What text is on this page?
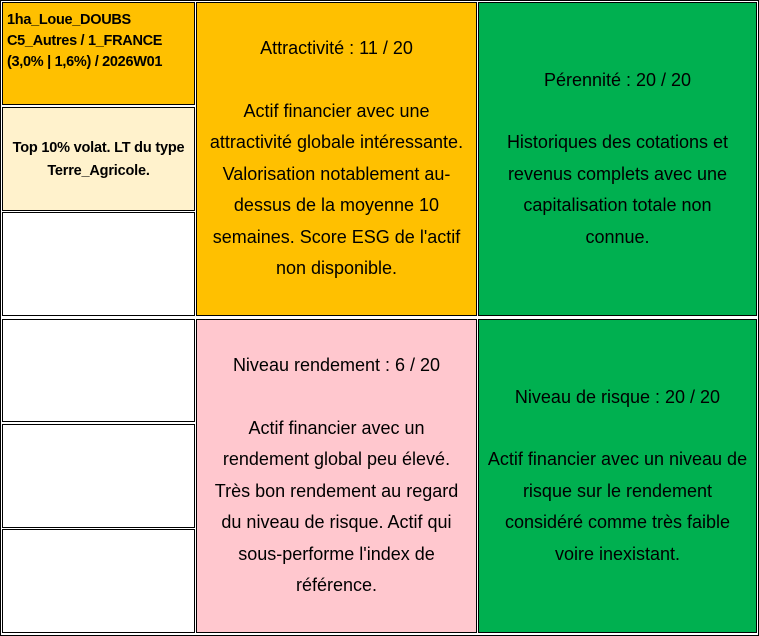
1ha_Loue_DOUBS
C5_Autres / 1_FRANCE
(3,0% | 1,6%) / 2026W01
Top 10% volat. LT du type
Terre_Agricole.
Attractivité : 11 / 20
Actif financier avec une
attractivité globale intéressante.
Valorisation notablement au-
dessus de la moyenne 10
semaines. Score ESG de l'actif
non disponible.
Pérennité : 20 / 20
Historiques des cotations et
revenus complets avec une
capitalisation totale non
connue.
Niveau rendement : 6 / 20
Actif financier avec un
rendement global peu élevé.
Très bon rendement au regard
du niveau de risque. Actif qui
sous-performe l'index de
référence.
Niveau de risque : 20 / 20
Actif financier avec un niveau de
risque sur le rendement
considéré comme très faible
voire inexistant.
